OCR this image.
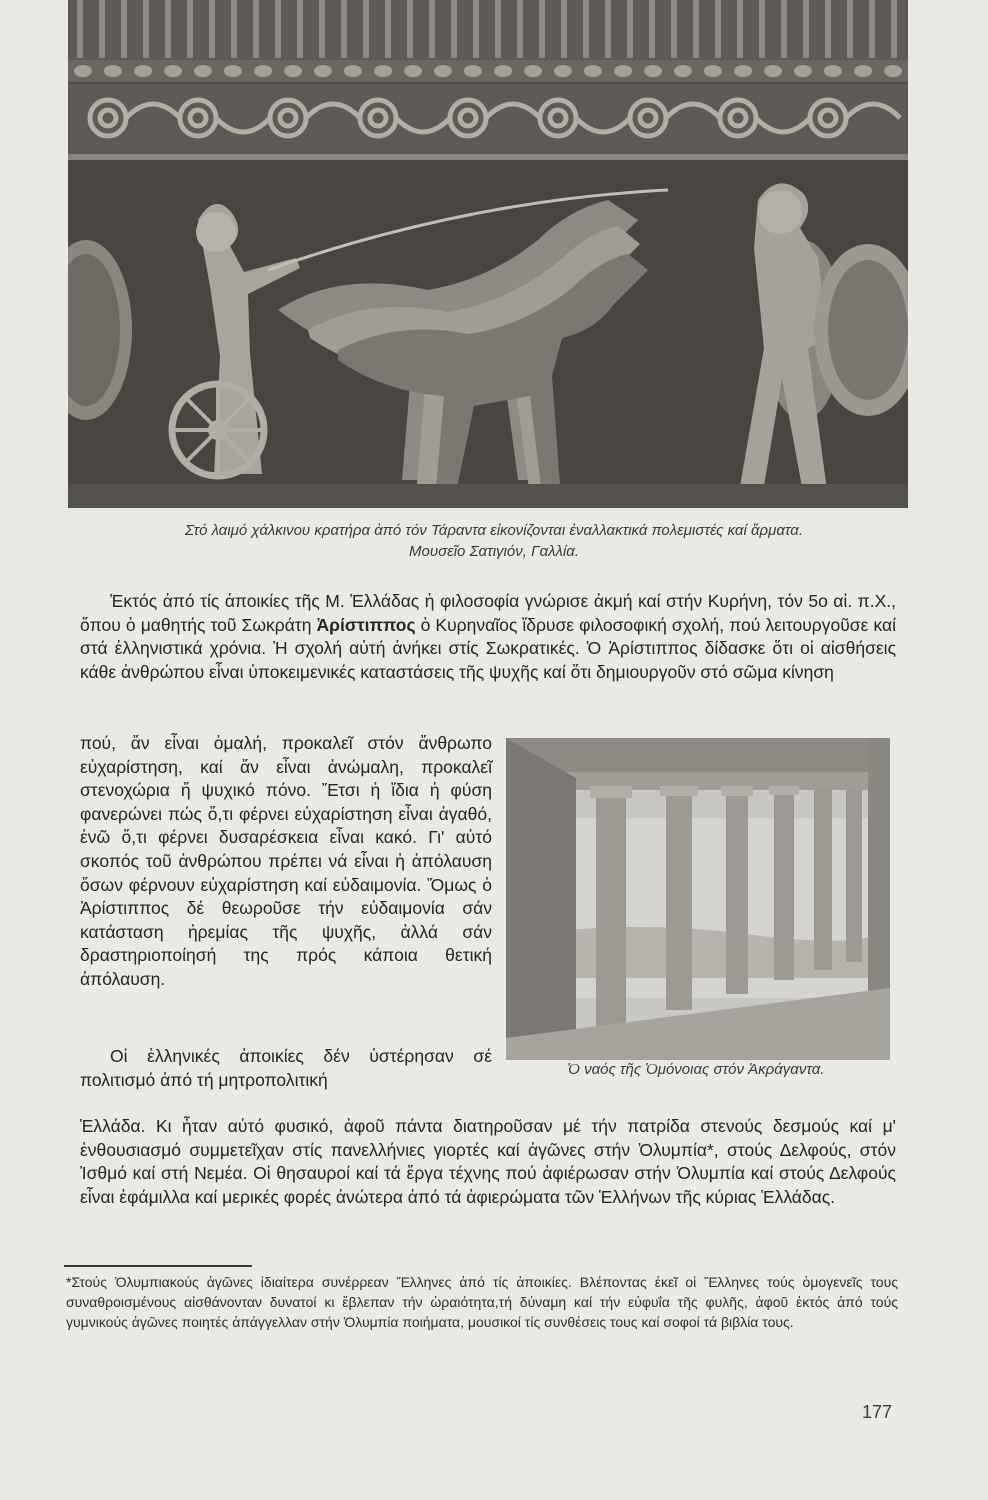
Στό λαιμό χάλκινου κρατήρα ἀπό τόν Τάραντα εἰκονίζονται ἐναλλακτικά πολεμιστές καί ἅρματα.
Μουσεῖο Σατιγιόν, Γαλλία.
Ἐκτός ἀπό τίς ἀποικίες τῆς Μ. Ἑλλάδας ἡ φιλοσοφία γνώρισε ἀκμή καί στήν Κυρήνη, τόν 5ο αἰ. π.Χ., ὅπου ὁ μαθητής τοῦ Σωκράτη Ἀρίστιππος ὁ Κυρηναῖος ἵδρυσε φιλοσοφική σχολή, πού λειτουργοῦσε καί στά ἑλληνιστικά χρόνια. Ἡ σχολή αὐτή ἀνήκει στίς Σωκρατικές. Ὁ Ἀρίστιππος δίδασκε ὅτι οἱ αἰσθήσεις κάθε ἀνθρώπου εἶναι ὑποκειμενικές καταστάσεις τῆς ψυχῆς καί ὅτι δημιουργοῦν στό σῶμα κίνηση
πού, ἄν εἶναι ὁμαλή, προκαλεῖ στόν ἄνθρωπο εὐχαρίστηση, καί ἄν εἶναι ἀνώμαλη, προκαλεῖ στενοχώρια ἤ ψυχικό πόνο. Ἔτσι ἡ ἴδια ἡ φύση φανερώνει πώς ὅ,τι φέρνει εὐχαρίστηση εἶναι ἀγαθό, ἐνῶ ὅ,τι φέρνει δυσαρέσκεια εἶναι κακό. Γι' αὐτό σκοπός τοῦ ἀνθρώπου πρέπει νά εἶναι ἡ ἀπόλαυση ὅσων φέρνουν εὐχαρίστηση καί εὐδαιμονία. Ὅμως ὁ Ἀρίστιππος δέ θεωροῦσε τήν εὐδαιμονία σάν κατάσταση ἠρεμίας τῆς ψυχῆς, ἀλλά σάν δραστηριοποίησή της πρός κάποια θετική ἀπόλαυση.
Ὁ ναός τῆς Ὁμόνοιας στόν Ἀκράγαντα.
Οἱ ἑλληνικές ἀποικίες δέν ὑστέρησαν σέ πολιτισμό ἀπό τή μητροπολιτική
Ἑλλάδα. Κι ἦταν αὐτό φυσικό, ἀφοῦ πάντα διατηροῦσαν μέ τήν πατρίδα στενούς δεσμούς καί μ' ἐνθουσιασμό συμμετεῖχαν στίς πανελλήνιες γιορτές καί ἀγῶνες στήν Ὀλυμπία*, στούς Δελφούς, στόν Ἰσθμό καί στή Νεμέα. Οἱ θησαυροί καί τά ἔργα τέχνης πού ἀφιέρωσαν στήν Ὀλυμπία καί στούς Δελφούς εἶναι ἐφάμιλλα καί μερικές φορές ἀνώτερα ἀπό τά ἀφιερώματα τῶν Ἑλλήνων τῆς κύριας Ἑλλάδας.
*Στούς Ὀλυμπιακούς ἀγῶνες ἰδιαίτερα συνέρρεαν Ἕλληνες ἀπό τίς ἀποικίες. Βλέποντας ἐκεῖ οἱ Ἕλληνες τούς ὁμογενεῖς τους συναθροισμένους αἰσθάνονταν δυνατοί κι ἔβλεπαν τήν ὡραιότητα,τή δύναμη καί τήν εὐφυΐα τῆς φυλῆς, ἀφοῦ ἐκτός ἀπό τούς γυμνικούς ἀγῶνες ποιητές ἀπάγγελλαν στήν Ὀλυμπία ποιήματα, μουσικοί τίς συνθέσεις τους καί σοφοί τά βιβλία τους.
177
